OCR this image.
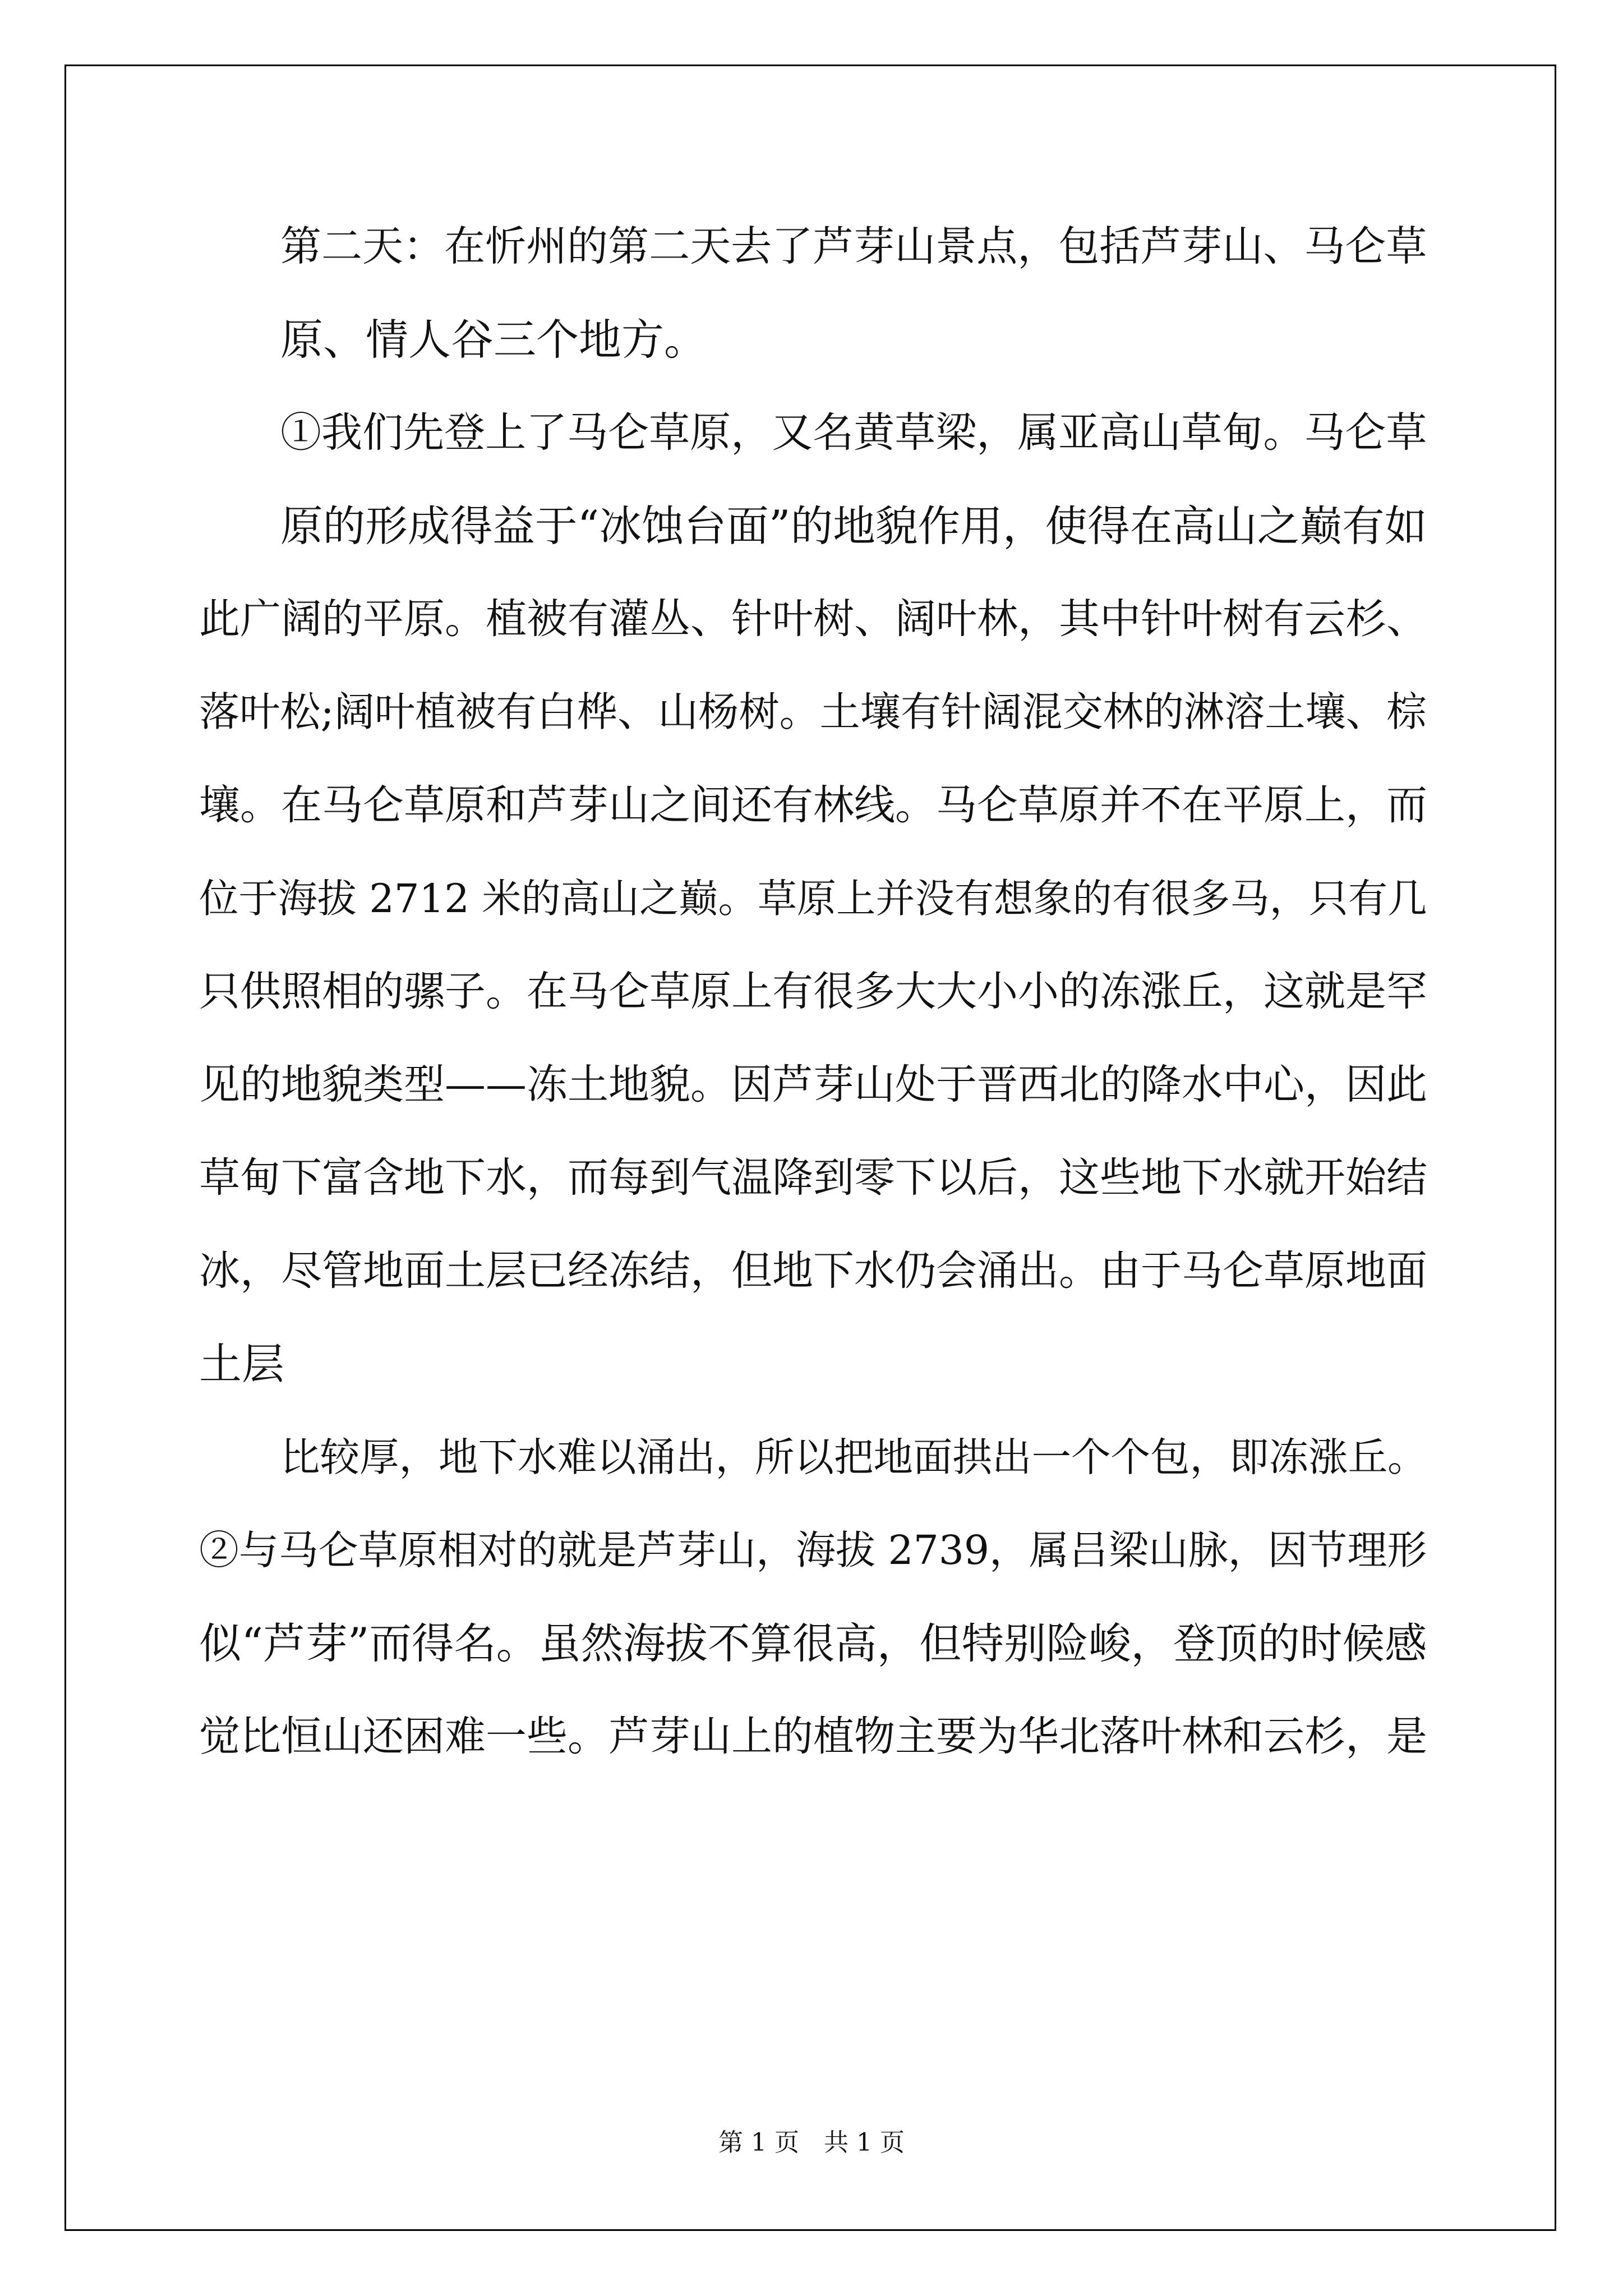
第二天：在忻州的第二天去了芦芽山景点，包括芦芽山、马仑草

原、情人谷三个地方。

①我们先登上了马仑草原，又名黄草梁，属亚高山草甸。马仑草

原的形成得益于“冰蚀台面”的地貌作用，使得在高山之巅有如

此广阔的平原。植被有灌丛、针叶树、阔叶林，其中针叶树有云杉、

落叶松;阔叶植被有白桦、山杨树。土壤有针阔混交林的淋溶土壤、棕

壤。在马仑草原和芦芽山之间还有林线。马仑草原并不在平原上，而

位于海拔 2712 米的高山之巅。草原上并没有想象的有很多马，只有几

只供照相的骡子。在马仑草原上有很多大大小小的冻涨丘，这就是罕

见的地貌类型——冻土地貌。因芦芽山处于晋西北的降水中心，因此

草甸下富含地下水，而每到气温降到零下以后，这些地下水就开始结

冰，尽管地面土层已经冻结，但地下水仍会涌出。由于马仑草原地面

土层

比较厚，地下水难以涌出，所以把地面拱出一个个包，即冻涨丘。

②与马仑草原相对的就是芦芽山，海拔 2739，属吕梁山脉，因节理形

似“芦芽”而得名。虽然海拔不算很高，但特别险峻，登顶的时候感

觉比恒山还困难一些。芦芽山上的植物主要为华北落叶林和云杉，是

第 1 页　共 1 页
